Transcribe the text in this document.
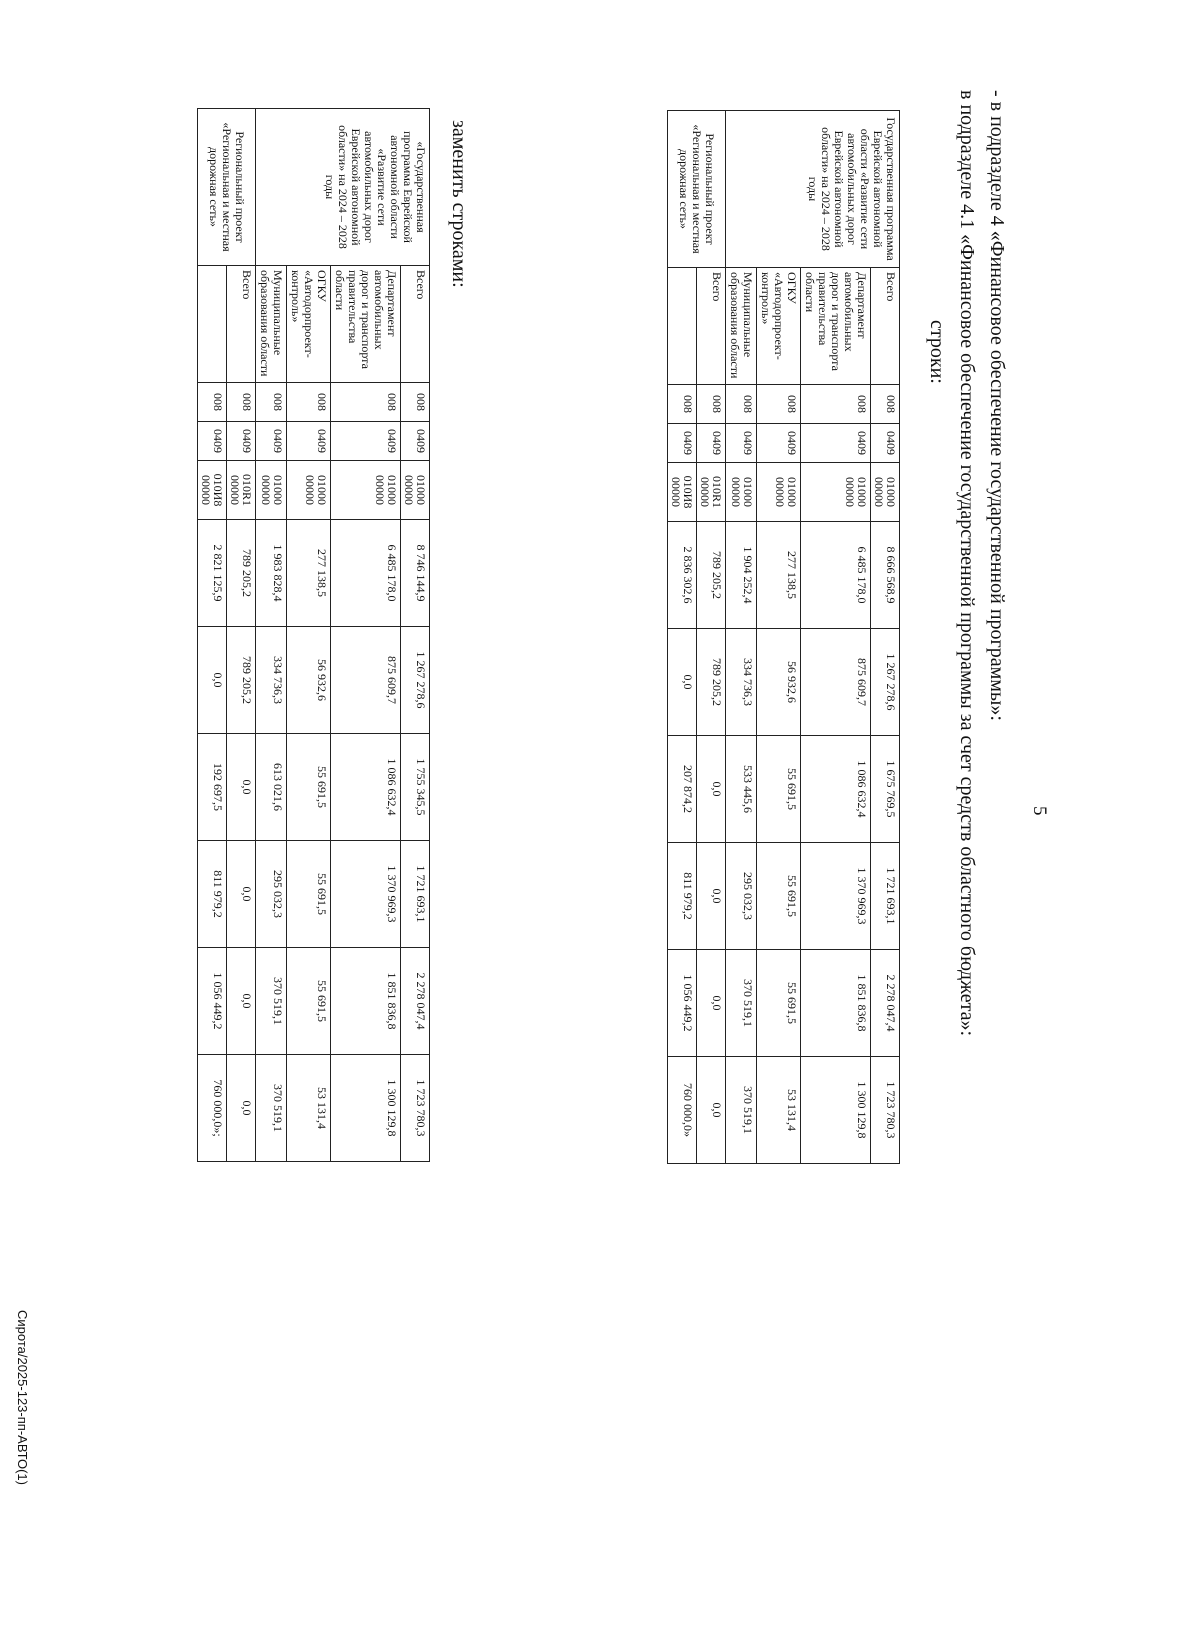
5
- в подразделе 4 «Финансовое обеспечение государственной программы»:
в подразделе 4.1 «Финансовое обеспечение государственной программы за счет средств областного бюджета»:
строки:
Государственная программа Еврейской автономной области «Развитие сети автомобильных дорог Еврейской автономной области» на 2024 – 2028 годы	Всего	008	0409	01000 00000	8 666 568,9	1 267 278,6	1 675 769,5	1 721 693,1	2 278 047,4	1 723 780,3
	Департамент автомобильных дорог и транспорта правительства области	008	0409	01000 00000	6 485 178,0	875 609,7	1 086 632,4	1 370 969,3	1 851 836,8	1 300 129,8
	ОГКУ «Автодорпроект-контроль»	008	0409	01000 00000	277 138,5	56 932,6	55 691,5	55 691,5	55 691,5	53 131,4
	Муниципальные образования области	008	0409	01000 00000	1 904 252,4	334 736,3	533 445,6	295 032,3	370 519,1	370 519,1
Региональный проект «Региональная и местная дорожная сеть»	Всего	008	0409	010R1 00000	789 205,2	789 205,2	0,0	0,0	0,0	0,0
		008	0409	010И8 00000	2 836 302,6	0,0	207 874,2	811 979,2	1 056 449,2	760 000,0»
заменить строками:
«Государственная программа Еврейской автономной области «Развитие сети автомобильных дорог Еврейской автономной области» на 2024 – 2028 годы	Всего	008	0409	01000 00000	8 746 144,9	1 267 278,6	1 755 345,5	1 721 693,1	2 278 047,4	1 723 780,3
	Департамент автомобильных дорог и транспорта правительства области	008	0409	01000 00000	6 485 178,0	875 609,7	1 086 632,4	1 370 969,3	1 851 836,8	1 300 129,8
	ОГКУ «Автодорпроект-контроль»	008	0409	01000 00000	277 138,5	56 932,6	55 691,5	55 691,5	55 691,5	53 131,4
	Муниципальные образования области	008	0409	01000 00000	1 983 828,4	334 736,3	613 021,6	295 032,3	370 519,1	370 519,1
Региональный проект «Региональная и местная дорожная сеть»	Всего	008	0409	010R1 00000	789 205,2	789 205,2	0,0	0,0	0,0	0,0
		008	0409	010И8 00000	2 821 125,9	0,0	192 697,5	811 979,2	1 056 449,2	760 000,0»;
Сирота/2025-123-пп-АВТО(1)
